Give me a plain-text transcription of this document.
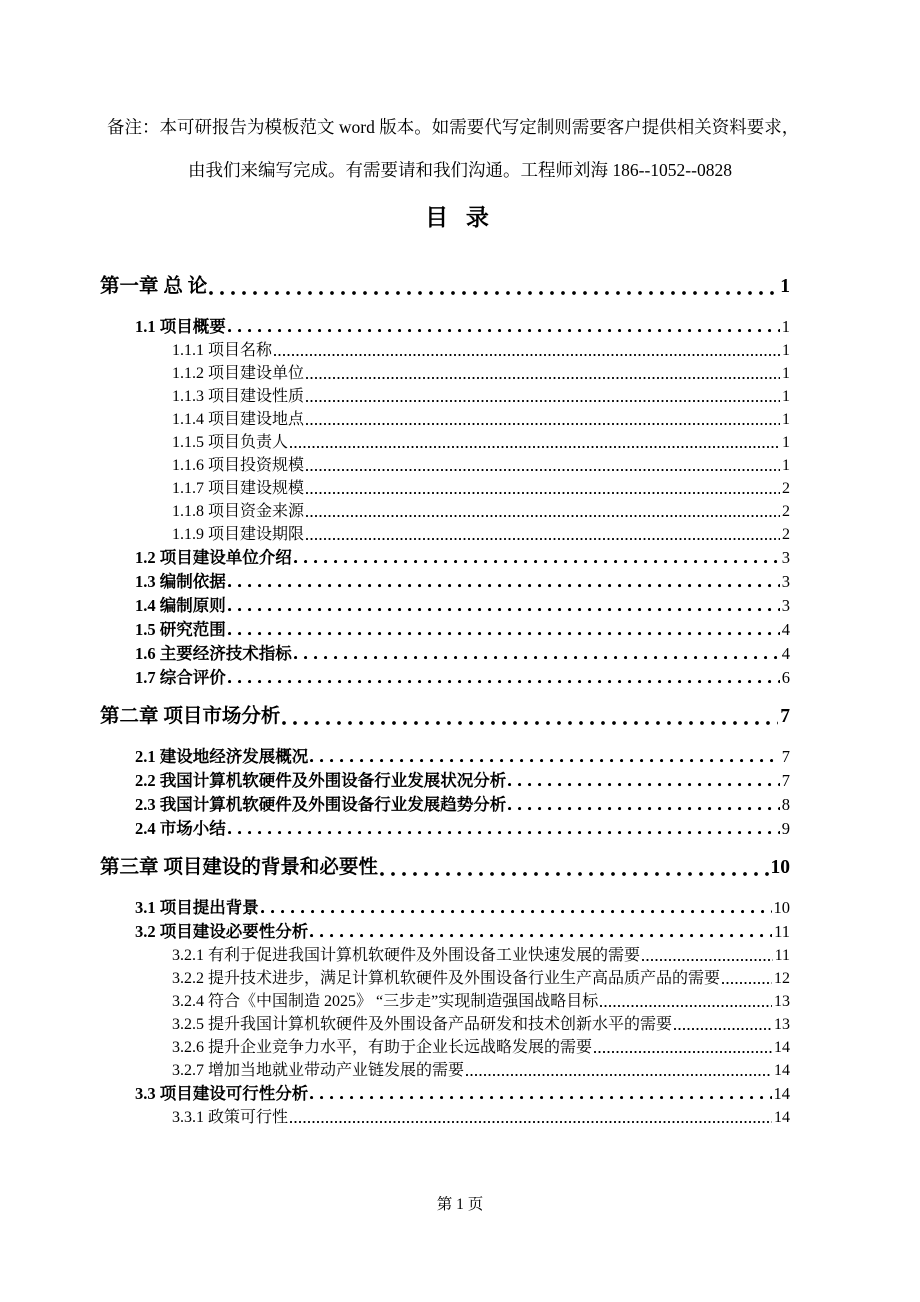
备注：本可研报告为模板范文 word 版本。如需要代写定制则需要客户提供相关资料要求，
由我们来编写完成。有需要请和我们沟通。工程师刘海 186--1052--0828
目 录
第一章 总 论	1
1.1 项目概要	1
1.1.1 项目名称	1
1.1.2 项目建设单位	1
1.1.3 项目建设性质	1
1.1.4 项目建设地点	1
1.1.5 项目负责人	1
1.1.6 项目投资规模	1
1.1.7 项目建设规模	2
1.1.8 项目资金来源	2
1.1.9 项目建设期限	2
1.2 项目建设单位介绍	3
1.3 编制依据	3
1.4 编制原则	3
1.5 研究范围	4
1.6 主要经济技术指标	4
1.7 综合评价	6
第二章 项目市场分析	7
2.1 建设地经济发展概况	7
2.2 我国计算机软硬件及外围设备行业发展状况分析	7
2.3 我国计算机软硬件及外围设备行业发展趋势分析	8
2.4 市场小结	9
第三章 项目建设的背景和必要性	10
3.1 项目提出背景	10
3.2 项目建设必要性分析	11
3.2.1 有利于促进我国计算机软硬件及外围设备工业快速发展的需要	11
3.2.2 提升技术进步，满足计算机软硬件及外围设备行业生产高品质产品的需要	12
3.2.4 符合《中国制造 2025》 “三步走”实现制造强国战略目标	13
3.2.5 提升我国计算机软硬件及外围设备产品研发和技术创新水平的需要	13
3.2.6 提升企业竞争力水平，有助于企业长远战略发展的需要	14
3.2.7 增加当地就业带动产业链发展的需要	14
3.3 项目建设可行性分析	14
3.3.1 政策可行性	14
第 1 页
